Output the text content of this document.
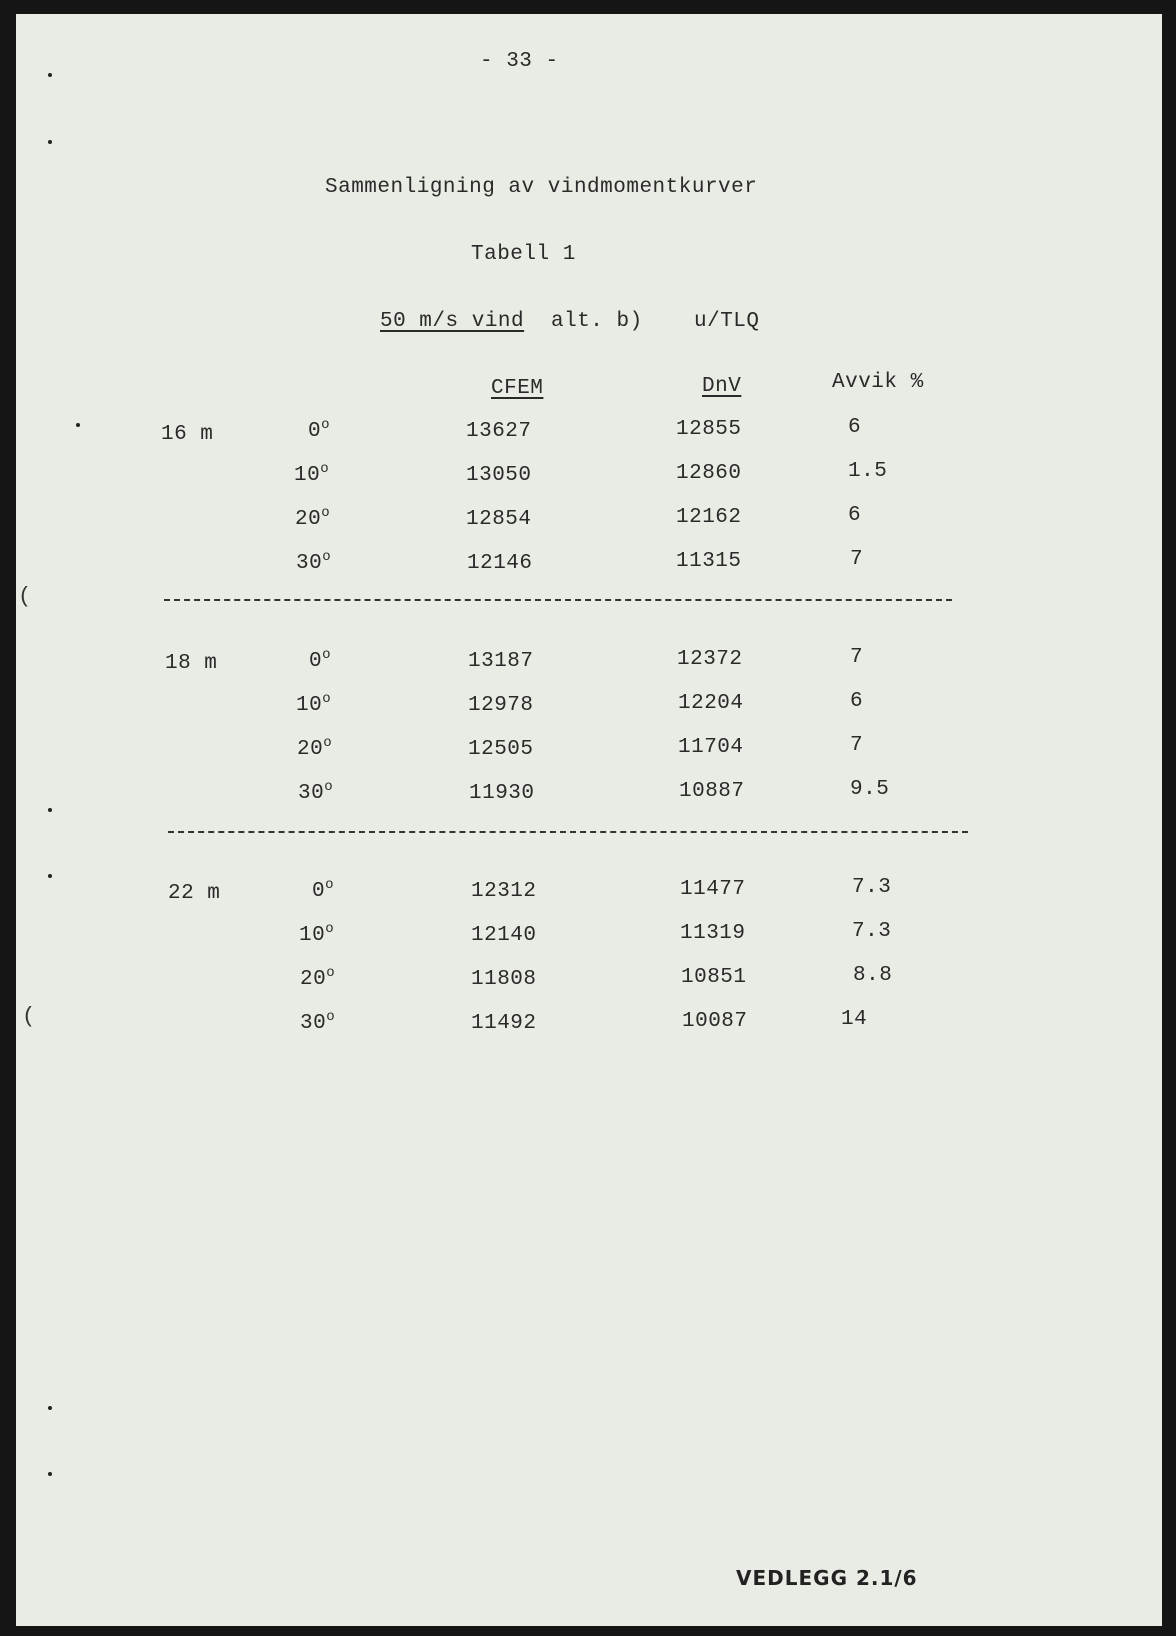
- 33 -
Sammenligning av vindmomentkurver
Tabell 1
50 m/s vind alt. b) u/TLQ
CFEM	DnV	Avvik %
16 m	0$^o$	13627	12855	6
10$^o$	13050	12860	1.5
20$^o$	12854	12162	6
30$^o$	12146	11315	7
18 m	0$^o$	13187	12372	7
10$^o$	12978	12204	6
20$^o$	12505	11704	7
30$^o$	11930	10887	9.5
22 m	0$^o$	12312	11477	7.3
10$^o$	12140	11319	7.3
20$^o$	11808	10851	8.8
30$^o$	11492	10087	14
VEDLEGG 2.1/6
(
(
